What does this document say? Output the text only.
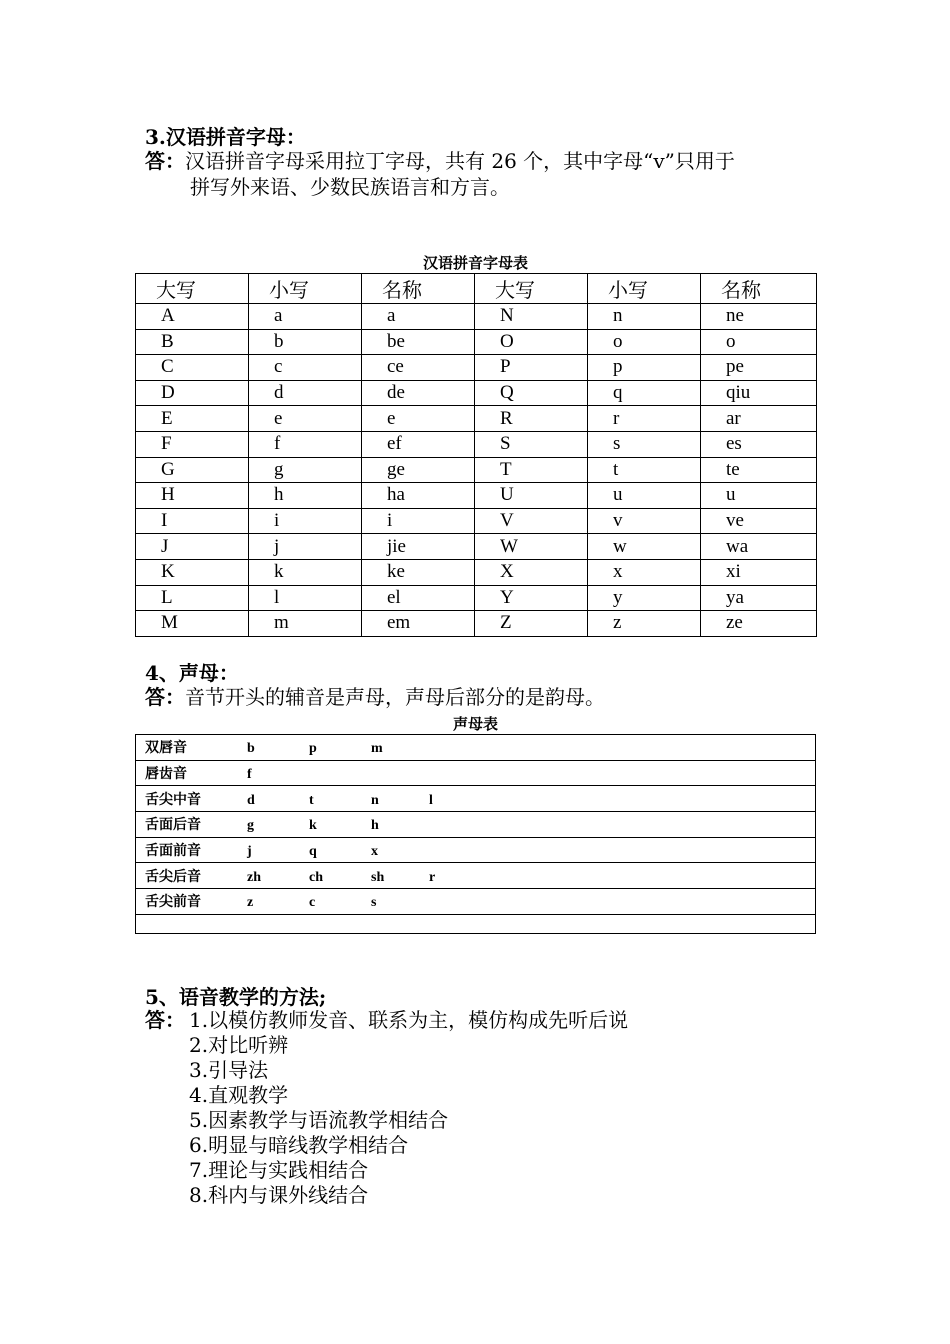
3.汉语拼音字母：
答：汉语拼音字母采用拉丁字母，共有 26 个，其中字母“v”只用于
拼写外来语、少数民族语言和方言。
汉语拼音字母表
大写	小写	名称	大写	小写	名称
A	a	a	N	n	ne
B	b	be	O	o	o
C	c	ce	P	p	pe
D	d	de	Q	q	qiu
E	e	e	R	r	ar
F	f	ef	S	s	es
G	g	ge	T	t	te
H	h	ha	U	u	u
I	i	i	V	v	ve
J	j	jie	W	w	wa
K	k	ke	X	x	xi
L	l	el	Y	y	ya
M	m	em	Z	z	ze
4、声母：
答：音节开头的辅音是声母，声母后部分的是韵母。
声母表
双唇音	b	p	m
唇齿音	f
舌尖中音	d	t	n	l
舌面后音	g	k	h
舌面前音	j	q	x
舌尖后音	zh	ch	sh	r
舌尖前音	z	c	s

5、语音教学的方法;
答： 1.以模仿教师发音、联系为主，模仿构成先听后说
2.对比听辨
3.引导法
4.直观教学
5.因素教学与语流教学相结合
6.明显与暗线教学相结合
7.理论与实践相结合
8.科内与课外线结合
